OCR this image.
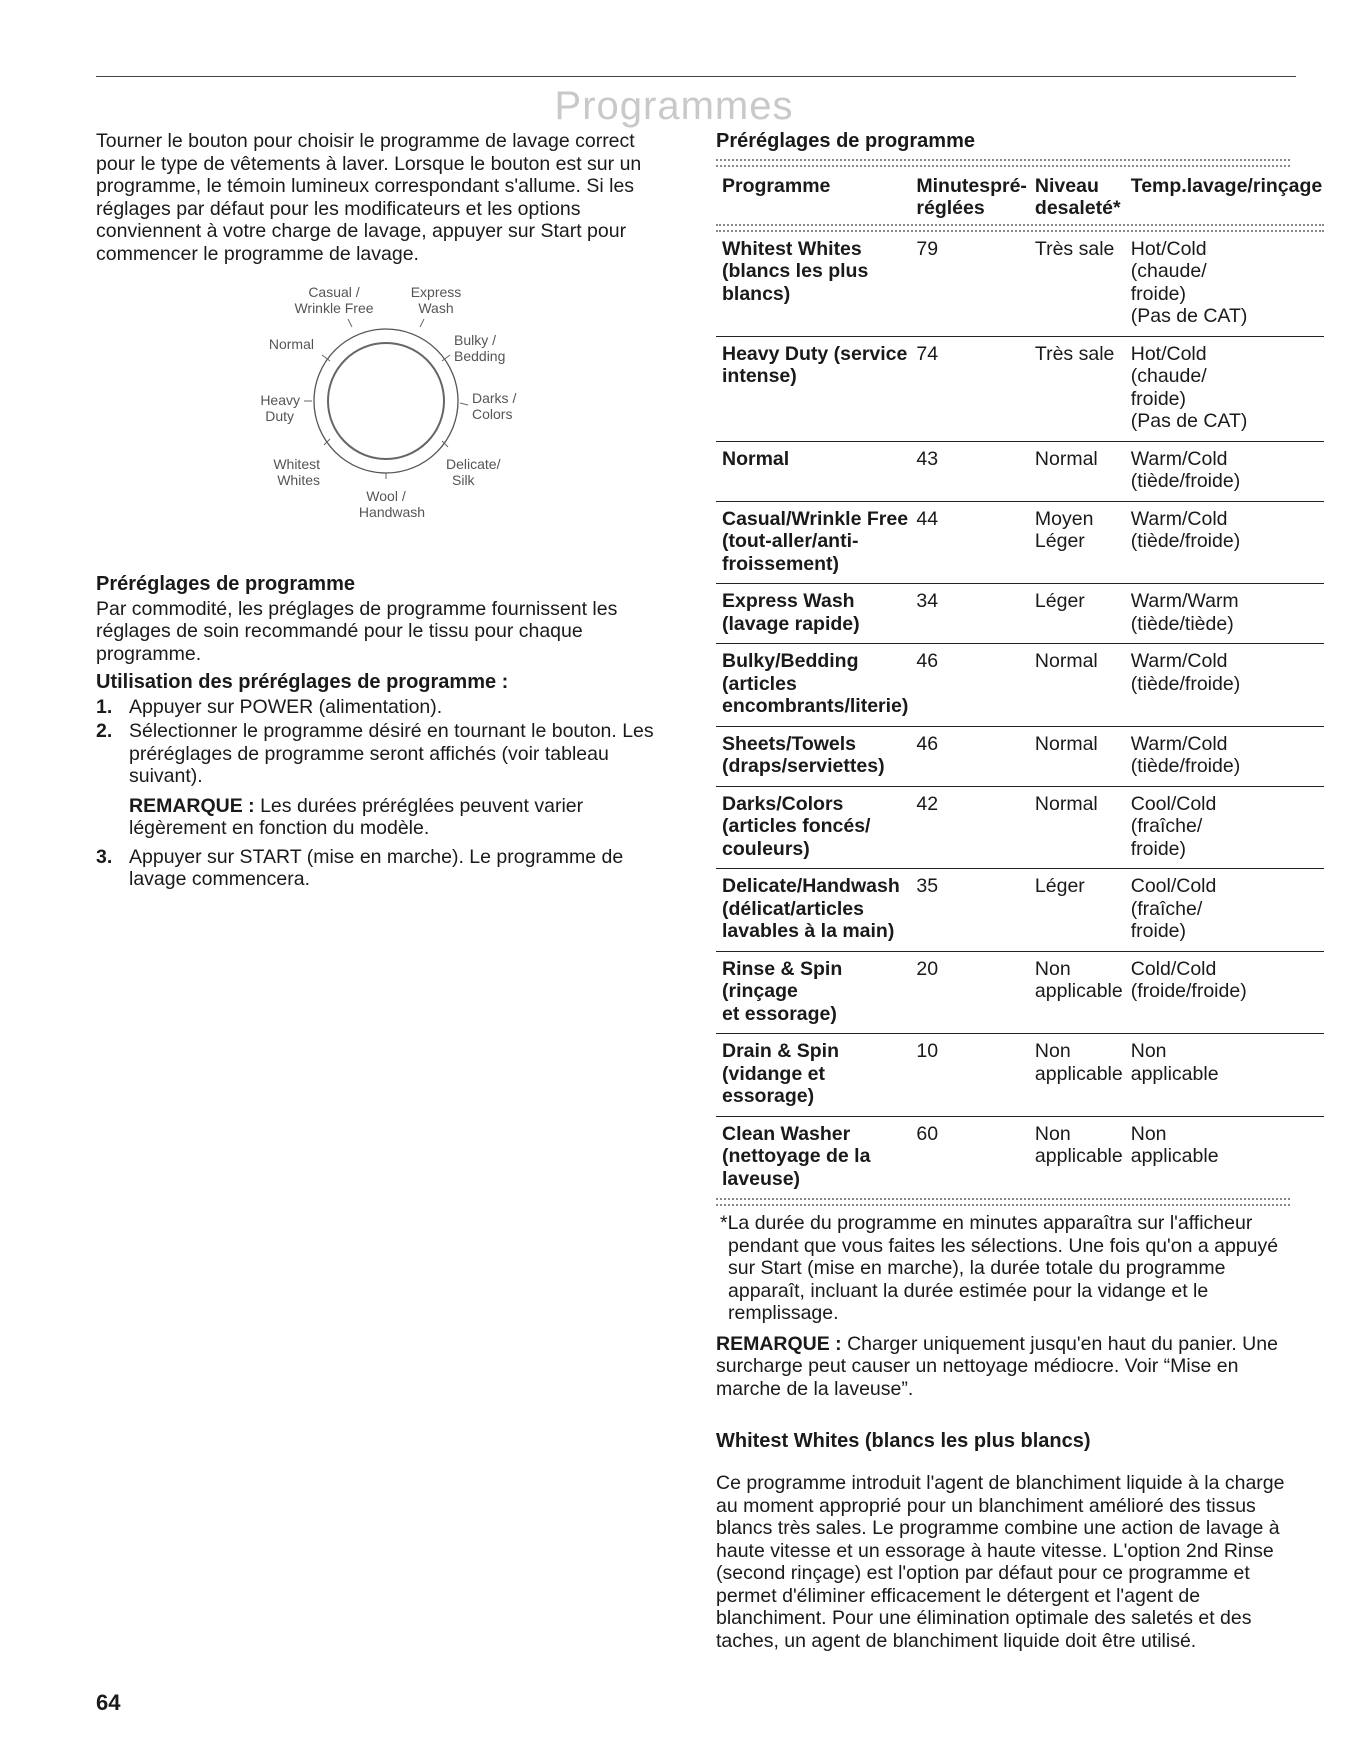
Programmes

Tourner le bouton pour choisir le programme de lavage correct pour le type de vêtements à laver. Lorsque le bouton est sur un programme, le témoin lumineux correspondant s'allume. Si les réglages par défaut pour les modificateurs et les options conviennent à votre charge de lavage, appuyer sur Start pour commencer le programme de lavage.

Casual / Wrinkle Free
Express Wash
Bulky / Bedding
Darks / Colors
Delicate/ Silk
Wool / Handwash
Whitest Whites
Heavy Duty
Normal
Préréglages de programme

Par commodité, les préglages de programme fournissent les réglages de soin recommandé pour le tissu pour chaque programme.

Utilisation des préréglages de programme :
1. Appuyer sur POWER (alimentation).
2. Sélectionner le programme désiré en tournant le bouton. Les préréglages de programme seront affichés (voir tableau suivant).
REMARQUE : Les durées préréglées peuvent varier légèrement en fonction du modèle.
3. Appuyer sur START (mise en marche). Le programme de lavage commencera.
Préréglages de programme
Programme	Minutespré-réglées	Niveau desaleté*	Temp.lavage/rinçage

Whitest Whites
(blancs les plus
blancs)	79	Très sale	Hot/Cold
(chaude/
froide)
(Pas de CAT)

Heavy Duty (service
intense)	74	Très sale	Hot/Cold
(chaude/
froide)
(Pas de CAT)

Normal	43	Normal	Warm/Cold
(tiède/froide)

Casual/Wrinkle Free
(tout-aller/anti-
froissement)	44	Moyen
Léger	Warm/Cold
(tiède/froide)

Express Wash
(lavage rapide)	34	Léger	Warm/Warm
(tiède/tiède)

Bulky/Bedding
(articles
encombrants/literie)	46	Normal	Warm/Cold
(tiède/froide)

Sheets/Towels
(draps/serviettes)	46	Normal	Warm/Cold
(tiède/froide)

Darks/Colors
(articles foncés/
couleurs)	42	Normal	Cool/Cold
(fraîche/
froide)

Delicate/Handwash
(délicat/articles
lavables à la main)	35	Léger	Cool/Cold
(fraîche/
froide)

Rinse & Spin (rinçage
et essorage)	20	Non
applicable	Cold/Cold
(froide/froide)

Drain & Spin
(vidange et
essorage)	10	Non
applicable	Non
applicable

Clean Washer
(nettoyage de la
laveuse)	60	Non
applicable	Non
applicable

*La durée du programme en minutes apparaîtra sur l'afficheur pendant que vous faites les sélections. Une fois qu'on a appuyé sur Start (mise en marche), la durée totale du programme apparaît, incluant la durée estimée pour la vidange et le remplissage.

REMARQUE : Charger uniquement jusqu'en haut du panier. Une surcharge peut causer un nettoyage médiocre. Voir “Mise en marche de la laveuse”.

Whitest Whites (blancs les plus blancs)

Ce programme introduit l'agent de blanchiment liquide à la charge au moment approprié pour un blanchiment amélioré des tissus blancs très sales. Le programme combine une action de lavage à haute vitesse et un essorage à haute vitesse. L'option 2nd Rinse (second rinçage) est l'option par défaut pour ce programme et permet d'éliminer efficacement le détergent et l'agent de blanchiment. Pour une élimination optimale des saletés et des taches, un agent de blanchiment liquide doit être utilisé.

64
